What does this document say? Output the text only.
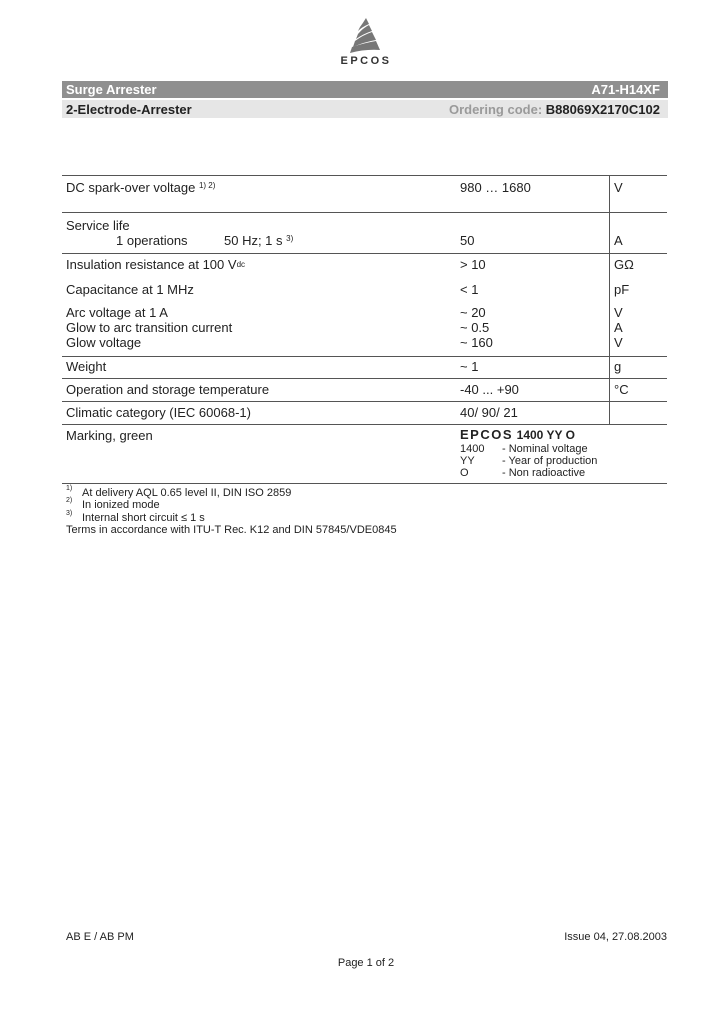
EPCOS
Surge Arrester	A71-H14XF
2-Electrode-Arrester	Ordering code: B88069X2170C102
DC spark-over voltage $^{1) 2)}$	980 … 1680	V
Service life
1 operations	50 Hz; 1 s $^{3)}$	50	A
Insulation resistance at 100 Vdc	> 10	GΩ
Capacitance at 1 MHz	< 1	pF
Arc voltage at 1 A	~ 20	V
Glow to arc transition current	~ 0.5	A
Glow voltage	~ 160	V
Weight	~ 1	g
Operation and storage temperature	-40 ... +90	°C
Climatic category (IEC 60068-1)	40/ 90/ 21
Marking, green	EPCOS 1400 YY O
1400 - Nominal voltage
YY - Year of production
O	- Non radioactive
1) At delivery AQL 0.65 level II, DIN ISO 2859
2) In ionized mode
3) Internal short circuit ≤ 1 s
Terms in accordance with ITU-T Rec. K12 and DIN 57845/VDE0845
AB E / AB PM	Issue 04, 27.08.2003
Page 1 of 2
